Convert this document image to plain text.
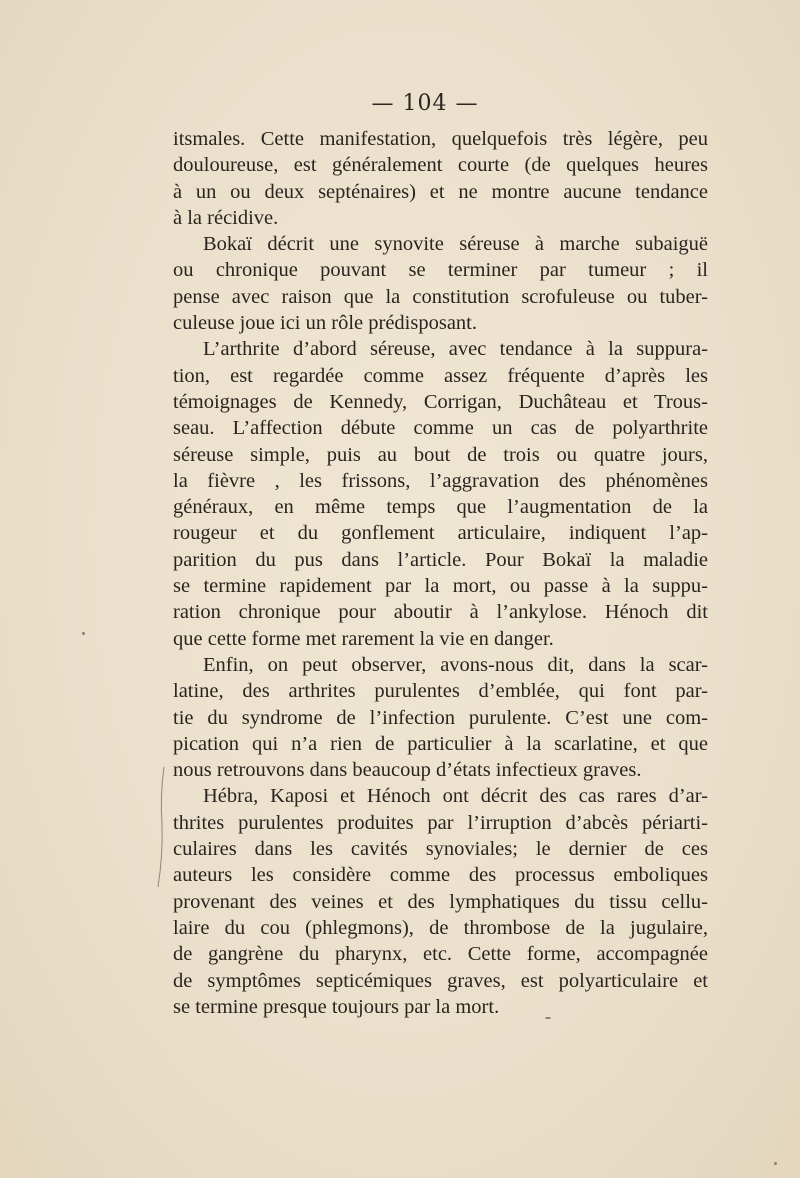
— 104 —
itsmales. Cette manifestation, quelquefois très légère, peu
douloureuse, est généralement courte (de quelques heures
à un ou deux septénaires) et ne montre aucune tendance
à la récidive.
Bokaï décrit une synovite séreuse à marche subaiguë
ou chronique pouvant se terminer par tumeur ; il
pense avec raison que la constitution scrofuleuse ou tuber-
culeuse joue ici un rôle prédisposant.
L’arthrite d’abord séreuse, avec tendance à la suppura-
tion, est regardée comme assez fréquente d’après les
témoignages de Kennedy, Corrigan, Duchâteau et Trous-
seau. L’affection débute comme un cas de polyarthrite
séreuse simple, puis au bout de trois ou quatre jours,
la fièvre , les frissons, l’aggravation des phénomènes
généraux, en même temps que l’augmentation de la
rougeur et du gonflement articulaire, indiquent l’ap-
parition du pus dans l’article. Pour Bokaï la maladie
se termine rapidement par la mort, ou passe à la suppu-
ration chronique pour aboutir à l’ankylose. Hénoch dit
que cette forme met rarement la vie en danger.
Enfin, on peut observer, avons-nous dit, dans la scar-
latine, des arthrites purulentes d’emblée, qui font par-
tie du syndrome de l’infection purulente. C’est une com-
pication qui n’a rien de particulier à la scarlatine, et que
nous retrouvons dans beaucoup d’états infectieux graves.
Hébra, Kaposi et Hénoch ont décrit des cas rares d’ar-
thrites purulentes produites par l’irruption d’abcès périarti-
culaires dans les cavités synoviales; le dernier de ces
auteurs les considère comme des processus emboliques
provenant des veines et des lymphatiques du tissu cellu-
laire du cou (phlegmons), de thrombose de la jugulaire,
de gangrène du pharynx, etc. Cette forme, accompagnée
de symptômes septicémiques graves, est polyarticulaire et
se termine presque toujours par la mort.
